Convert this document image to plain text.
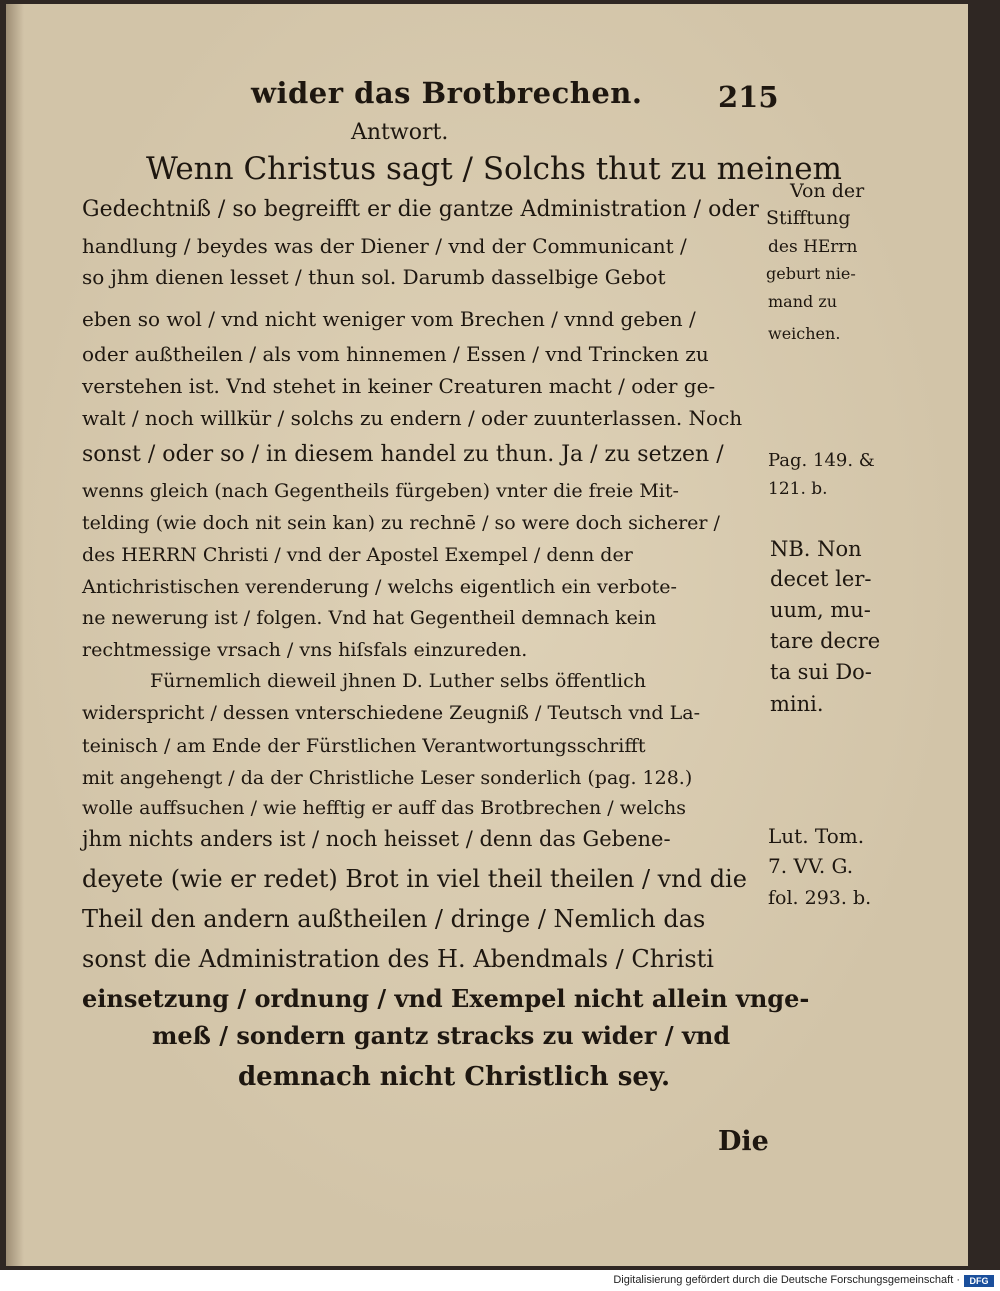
wider das Brotbrechen.	215
Antwort.
Wenn Christus sagt / Solchs thut zu meinem
Gedechtniß / so begreifft er die gantze Administration / oder
handlung / beydes was der Diener / vnd der Communicant /
so jhm dienen lesset / thun sol. Darumb dasselbige Gebot
eben so wol / vnd nicht weniger vom Brechen / vnnd geben /
oder außtheilen / als vom hinnemen / Essen / vnd Trincken zu
verstehen ist. Vnd stehet in keiner Creaturen macht / oder ge-
walt / noch willkür / solchs zu endern / oder zuunterlassen. Noch
sonst / oder so / in diesem handel zu thun. Ja / zu setzen /
wenns gleich (nach Gegentheils fürgeben) vnter die freie Mit-
telding (wie doch nit sein kan) zu rechnē / so were doch sicherer /
des HERRN Christi / vnd der Apostel Exempel / denn der
Antichristischen verenderung / welchs eigentlich ein verbote-
ne newerung ist / folgen. Vnd hat Gegentheil demnach kein
rechtmessige vrsach / vns hiſsfals einzureden.
Fürnemlich dieweil jhnen D. Luther selbs öffentlich
widerspricht / dessen vnterschiedene Zeugniß / Teutsch vnd La-
teinisch / am Ende der Fürstlichen Verantwortungsschrifft
mit angehengt / da der Christliche Leser sonderlich (pag. 128.)
wolle auffsuchen / wie hefftig er auff das Brotbrechen / welchs
jhm nichts anders ist / noch heisset / denn das Gebene-
deyete (wie er redet) Brot in viel theil theilen / vnd die
Theil den andern außtheilen / dringe / Nemlich das
sonst die Administration des H. Abendmals / Christi
einsetzung / ordnung / vnd Exempel nicht allein vnge-
meß / sondern gantz stracks zu wider / vnd
demnach nicht Christlich sey.
Von der
Stifftung
des HErrn
geburt nie-
mand zu
weichen.
Pag. 149. &
121. b.
NB. Non
decet ler-
uum, mu-
tare decre
ta sui Do-
mini.
Lut. Tom.
7. VV. G.
fol. 293. b.
Die
Digitalisierung gefördert durch die Deutsche Forschungsgemeinschaft ·	DFG
